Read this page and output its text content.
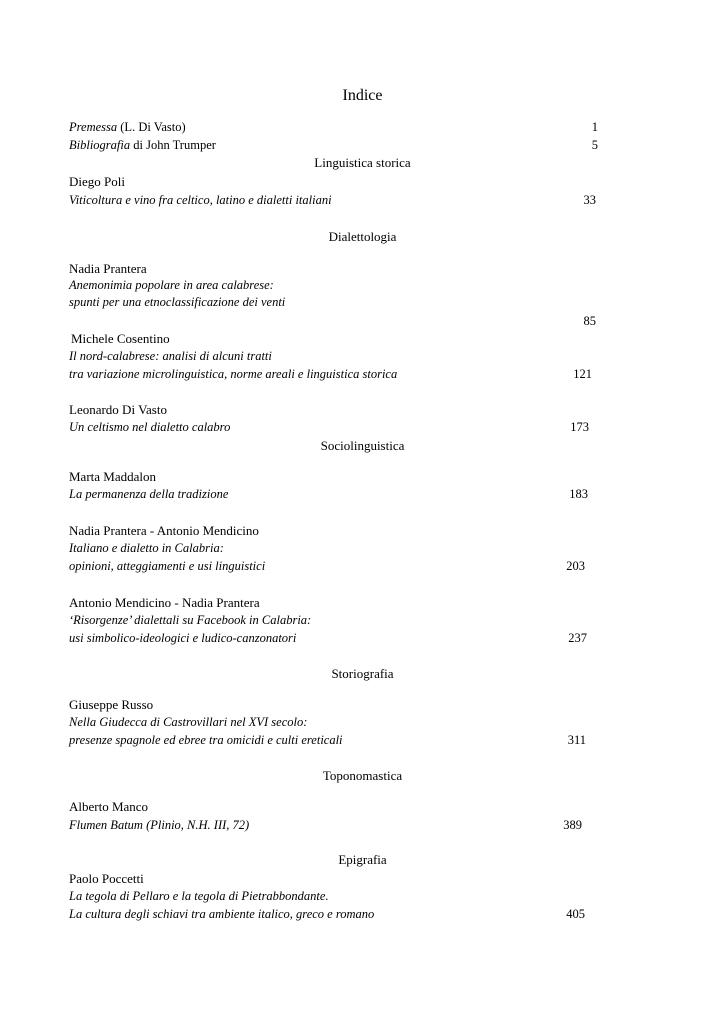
Indice
Premessa (L. Di Vasto)	1
Bibliografia di John Trumper	5
Linguistica storica
Diego Poli
Viticoltura e vino fra celtico, latino e dialetti italiani	33
Dialettologia
Nadia Prantera
Anemonimia popolare in area calabrese:
spunti per una etnoclassificazione dei venti
85
Michele Cosentino
Il nord-calabrese: analisi di alcuni tratti
tra variazione microlinguistica, norme areali e linguistica storica	121
Leonardo Di Vasto
Un celtismo nel dialetto calabro	173
Sociolinguistica
Marta Maddalon
La permanenza della tradizione	183
Nadia Prantera - Antonio Mendicino
Italiano e dialetto in Calabria:
opinioni, atteggiamenti e usi linguistici	203
Antonio Mendicino - Nadia Prantera
‘Risorgenze’ dialettali su Facebook in Calabria:
usi simbolico-ideologici e ludico-canzonatori	237
Storiografia
Giuseppe Russo
Nella Giudecca di Castrovillari nel XVI secolo:
presenze spagnole ed ebree tra omicidi e culti ereticali	311
Toponomastica
Alberto Manco
Flumen Batum (Plinio, N.H. III, 72)	389
Epigrafia
Paolo Poccetti
La tegola di Pellaro e la tegola di Pietrabbondante.
La cultura degli schiavi tra ambiente italico, greco e romano	405
